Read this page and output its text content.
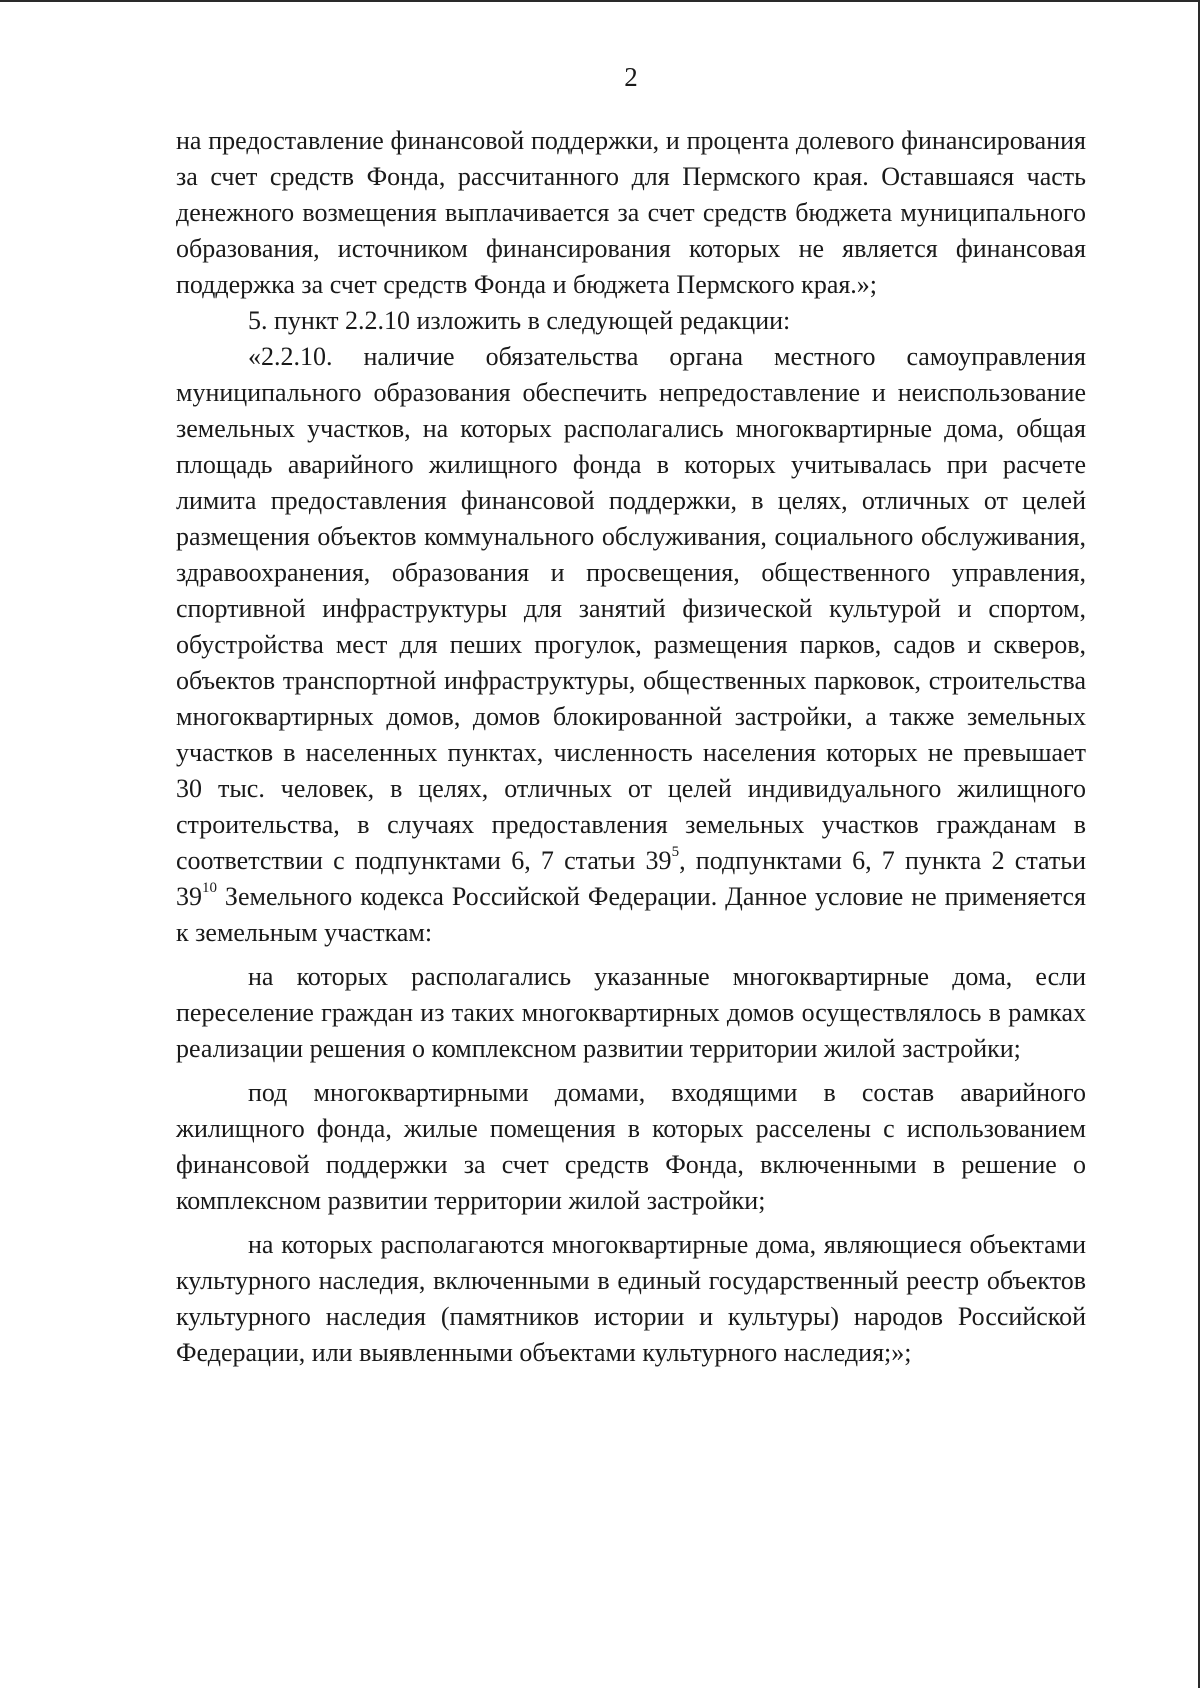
2

на предоставление финансовой поддержки, и процента долевого финансирования за счет средств Фонда, рассчитанного для Пермского края. Оставшаяся часть денежного возмещения выплачивается за счет средств бюджета муниципального образования, источником финансирования которых не является финансовая поддержка за счет средств Фонда и бюджета Пермского края.»;

5. пункт 2.2.10 изложить в следующей редакции:

«2.2.10. наличие обязательства органа местного самоуправления муниципального образования обеспечить непредоставление и неиспользование земельных участков, на которых располагались многоквартирные дома, общая площадь аварийного жилищного фонда в которых учитывалась при расчете лимита предоставления финансовой поддержки, в целях, отличных от целей размещения объектов коммунального обслуживания, социального обслуживания, здравоохранения, образования и просвещения, общественного управления, спортивной инфраструктуры для занятий физической культурой и спортом, обустройства мест для пеших прогулок, размещения парков, садов и скверов, объектов транспортной инфраструктуры, общественных парковок, строительства многоквартирных домов, домов блокированной застройки, а также земельных участков в населенных пунктах, численность населения которых не превышает 30 тыс. человек, в целях, отличных от целей индивидуального жилищного строительства, в случаях предоставления земельных участков гражданам в соответствии с подпунктами 6, 7 статьи $39^5$, подпунктами 6, 7 пункта 2 статьи $39^{10}$ Земельного кодекса Российской Федерации. Данное условие не применяется к земельным участкам:

на которых располагались указанные многоквартирные дома, если переселение граждан из таких многоквартирных домов осуществлялось в рамках реализации решения о комплексном развитии территории жилой застройки;

под многоквартирными домами, входящими в состав аварийного жилищного фонда, жилые помещения в которых расселены с использованием финансовой поддержки за счет средств Фонда, включенными в решение о комплексном развитии территории жилой застройки;

на которых располагаются многоквартирные дома, являющиеся объектами культурного наследия, включенными в единый государственный реестр объектов культурного наследия (памятников истории и культуры) народов Российской Федерации, или выявленными объектами культурного наследия;»;
